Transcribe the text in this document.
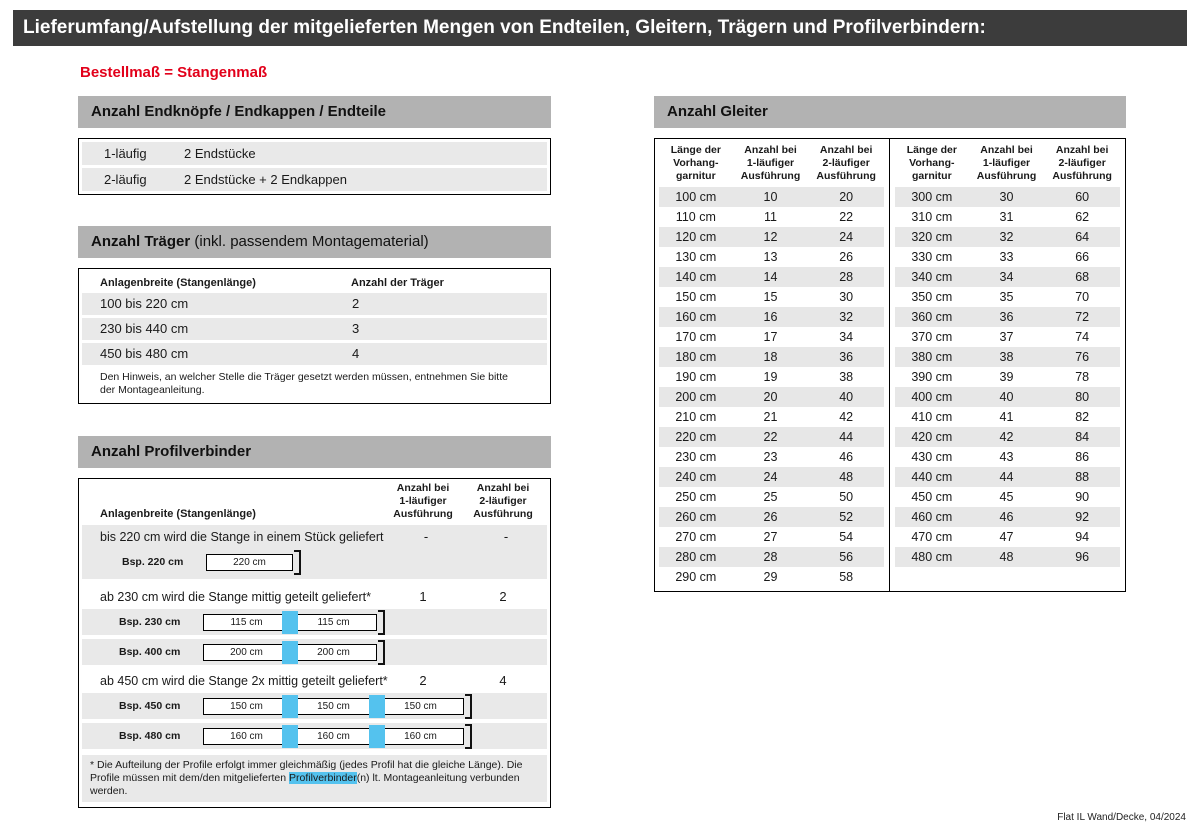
Lieferumfang/Aufstellung der mitgelieferten Mengen von Endteilen, Gleitern, Trägern und Profilverbindern:
Bestellmaß = Stangenmaß
Anzahl Endknöpfe / Endkappen / Endteile
1-läufig	2 Endstücke
2-läufig	2 Endstücke + 2 Endkappen
Anzahl Träger (inkl. passendem Montagematerial)
Anlagenbreite (Stangenlänge)	Anzahl der Träger
100 bis 220 cm	2
230 bis 440 cm	3
450 bis 480 cm	4
Den Hinweis, an welcher Stelle die Träger gesetzt werden müssen, entnehmen Sie bitte der Montageanleitung.
Anzahl Profilverbinder
Anlagenbreite (Stangenlänge)
Anzahl bei
1-läufiger
Ausführung
Anzahl bei
2-läufiger
Ausführung
bis 220 cm wird die Stange in einem Stück geliefert	-	-
Bsp. 220 cm	220 cm
ab 230 cm wird die Stange mittig geteilt geliefert*	1	2
Bsp. 230 cm	115 cm	115 cm
Bsp. 400 cm	200 cm	200 cm
ab 450 cm wird die Stange 2x mittig geteilt geliefert*	2	4
Bsp. 450 cm	150 cm	150 cm	150 cm
Bsp. 480 cm	160 cm	160 cm	160 cm
* Die Aufteilung der Profile erfolgt immer gleichmäßig (jedes Profil hat die gleiche Länge). Die Profile müssen mit dem/den mitgelieferten Profilverbinder(n) lt. Montageanleitung verbunden werden.
Anzahl Gleiter
Länge der
Vorhang-
garnitur
Anzahl bei
1-läufiger
Ausführung
Anzahl bei
2-läufiger
Ausführung
100 cm	10	20
110 cm	11	22
120 cm	12	24
130 cm	13	26
140 cm	14	28
150 cm	15	30
160 cm	16	32
170 cm	17	34
180 cm	18	36
190 cm	19	38
200 cm	20	40
210 cm	21	42
220 cm	22	44
230 cm	23	46
240 cm	24	48
250 cm	25	50
260 cm	26	52
270 cm	27	54
280 cm	28	56
290 cm	29	58
Länge der
Vorhang-
garnitur
Anzahl bei
1-läufiger
Ausführung
Anzahl bei
2-läufiger
Ausführung
300 cm	30	60
310 cm	31	62
320 cm	32	64
330 cm	33	66
340 cm	34	68
350 cm	35	70
360 cm	36	72
370 cm	37	74
380 cm	38	76
390 cm	39	78
400 cm	40	80
410 cm	41	82
420 cm	42	84
430 cm	43	86
440 cm	44	88
450 cm	45	90
460 cm	46	92
470 cm	47	94
480 cm	48	96
Flat IL Wand/Decke, 04/2024
